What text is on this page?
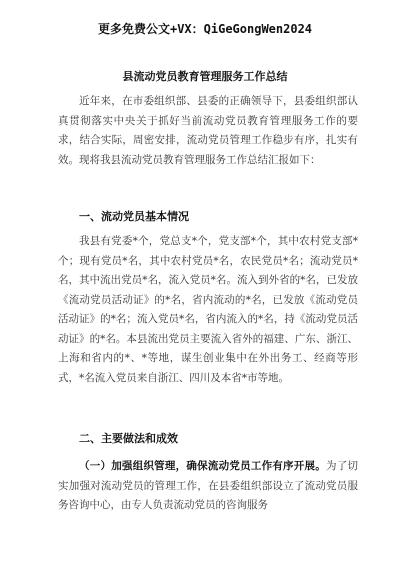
更多免费公文+VX：QiGeGongWen2024
县流动党员教育管理服务工作总结

近年来，在市委组织部、县委的正确领导下，县委组织部认真贯彻落实中央关于抓好当前流动党员教育管理服务工作的要求，结合实际，周密安排，流动党员管理工作稳步有序，扎实有效。现将我县流动党员教育管理服务工作总结汇报如下：

一、流动党员基本情况

我县有党委*个，党总支*个，党支部*个，其中农村党支部*个；现有党员*名，其中农村党员*名，农民党员*名；流动党员*名，其中流出党员*名，流入党员*名。流入到外省的*名，已发放《流动党员活动证》的*名，省内流动的*名，已发放《流动党员活动证》的*名；流入党员*名，省内流入的*名，持《流动党员活动证》的*名。本县流出党员主要流入省外的福建、广东、浙江、上海和省内的*、*等地，谋生创业集中在外出务工、经商等形式，*名流入党员来自浙江、四川及本省*市等地。

二、主要做法和成效

（一）加强组织管理，确保流动党员工作有序开展。为了切实加强对流动党员的管理工作，在县委组织部设立了流动党员服务咨询中心，由专人负责流动党员的咨询服务
